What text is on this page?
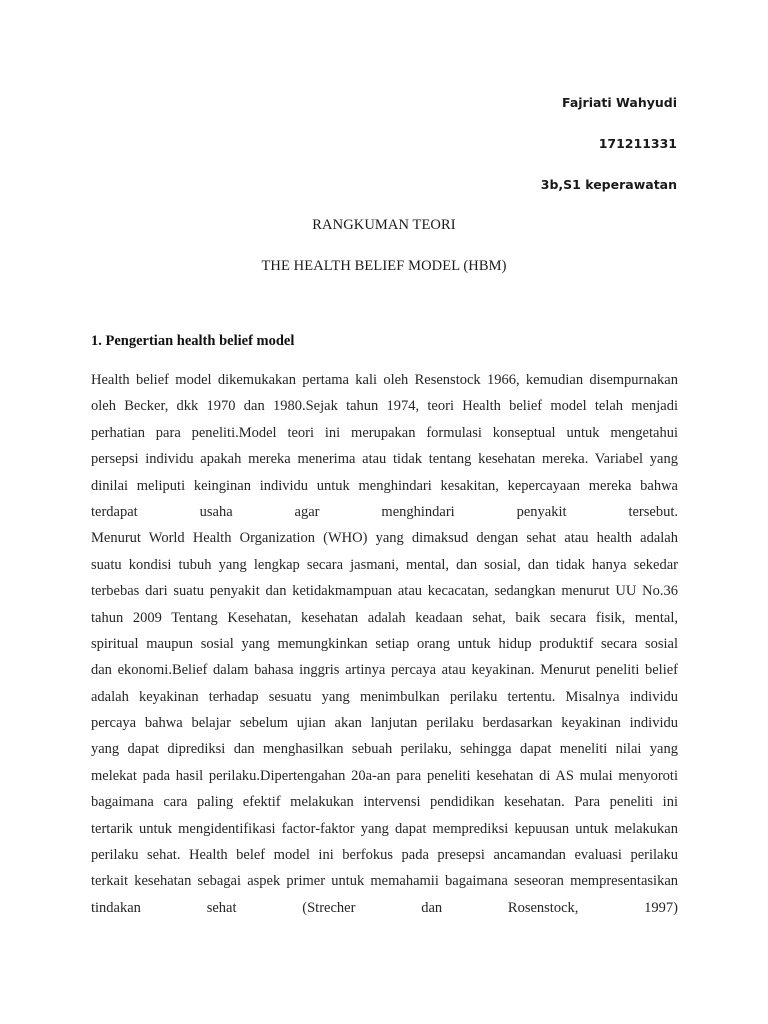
Fajriati Wahyudi
171211331
3b,S1 keperawatan
RANGKUMAN TEORI
THE HEALTH BELIEF MODEL (HBM)
1. Pengertian health belief model
Health belief model dikemukakan pertama kali oleh Resenstock 1966, kemudian disempurnakan
oleh Becker, dkk 1970 dan 1980.Sejak tahun 1974, teori Health belief model telah menjadi
perhatian para peneliti.Model teori ini merupakan formulasi konseptual untuk mengetahui
persepsi individu apakah mereka menerima atau tidak tentang kesehatan mereka. Variabel yang
dinilai meliputi keinginan individu untuk menghindari kesakitan, kepercayaan mereka bahwa
terdapat usaha agar menghindari penyakit tersebut.
Menurut World Health Organization (WHO) yang dimaksud dengan sehat atau health adalah
suatu kondisi tubuh yang lengkap secara jasmani, mental, dan sosial, dan tidak hanya sekedar
terbebas dari suatu penyakit dan ketidakmampuan atau kecacatan, sedangkan menurut UU No.36
tahun 2009 Tentang Kesehatan, kesehatan adalah keadaan sehat, baik secara fisik, mental,
spiritual maupun sosial yang memungkinkan setiap orang untuk hidup produktif secara sosial
dan ekonomi.Belief dalam bahasa inggris artinya percaya atau keyakinan. Menurut peneliti belief
adalah keyakinan terhadap sesuatu yang menimbulkan perilaku tertentu. Misalnya individu
percaya bahwa belajar sebelum ujian akan lanjutan perilaku berdasarkan keyakinan individu
yang dapat diprediksi dan menghasilkan sebuah perilaku, sehingga dapat meneliti nilai yang
melekat pada hasil perilaku.Dipertengahan 20a-an para peneliti kesehatan di AS mulai menyoroti
bagaimana cara paling efektif melakukan intervensi pendidikan kesehatan. Para peneliti ini
tertarik untuk mengidentifikasi factor-faktor yang dapat memprediksi kepuusan untuk melakukan
perilaku sehat. Health belef model ini berfokus pada presepsi ancamandan evaluasi perilaku
terkait kesehatan sebagai aspek primer untuk memahamii bagaimana seseoran mempresentasikan
tindakan sehat (Strecher dan Rosenstock, 1997)
